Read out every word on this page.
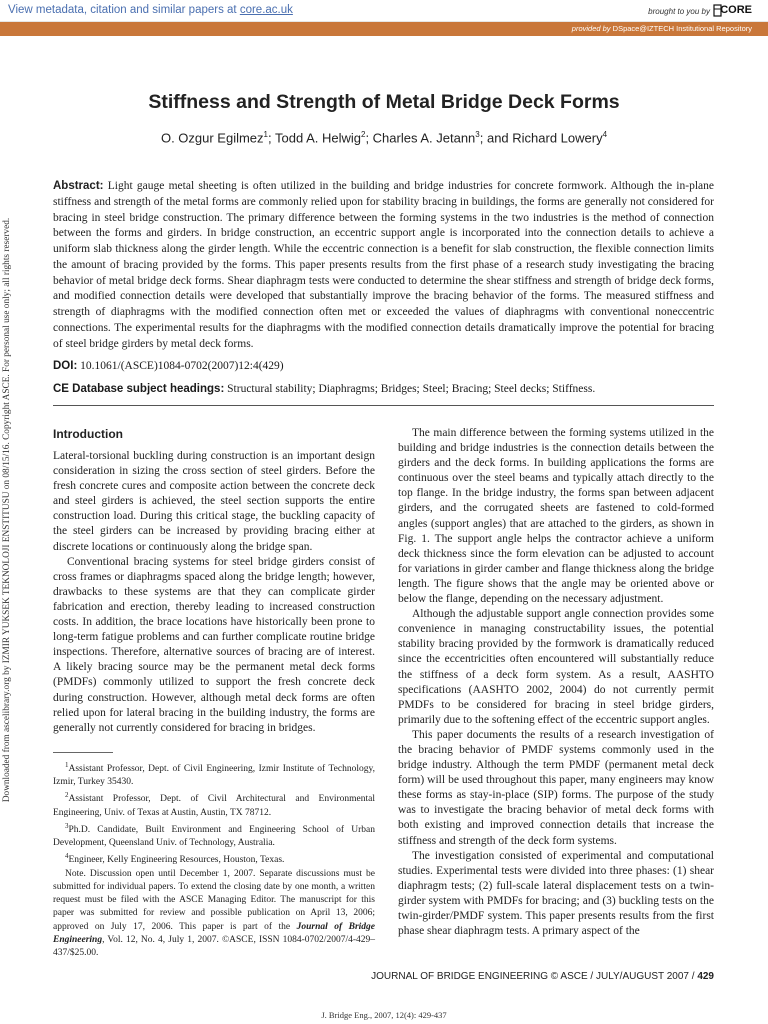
View metadata, citation and similar papers at core.ac.uk	brought to you by CORE
provided by DSpace@IZTECH Institutional Repository
Downloaded from ascelibrary.org by IZMIR YUKSEK TEKNOLOJI ENSTITUSU on 08/15/16. Copyright ASCE. For personal use only; all rights reserved.
Stiffness and Strength of Metal Bridge Deck Forms
O. Ozgur Egilmez$^1$; Todd A. Helwig$^2$; Charles A. Jetann$^3$; and Richard Lowery$^4$
Abstract: Light gauge metal sheeting is often utilized in the building and bridge industries for concrete formwork. Although the in-plane stiffness and strength of the metal forms are commonly relied upon for stability bracing in buildings, the forms are generally not considered for bracing in steel bridge construction. The primary difference between the forming systems in the two industries is the method of connection between the forms and girders. In bridge construction, an eccentric support angle is incorporated into the connection details to achieve a uniform slab thickness along the girder length. While the eccentric connection is a benefit for slab construction, the flexible connection limits the amount of bracing provided by the forms. This paper presents results from the first phase of a research study investigating the bracing behavior of metal bridge deck forms. Shear diaphragm tests were conducted to determine the shear stiffness and strength of bridge deck forms, and modified connection details were developed that substantially improve the bracing behavior of the forms. The measured stiffness and strength of diaphragms with the modified connection often met or exceeded the values of diaphragms with conventional noneccentric connections. The experimental results for the diaphragms with the modified connection details dramatically improve the potential for bracing of steel bridge girders by metal deck forms.
DOI: 10.1061/(ASCE)1084-0702(2007)12:4(429)
CE Database subject headings: Structural stability; Diaphragms; Bridges; Steel; Bracing; Steel decks; Stiffness.
Introduction

Lateral-torsional buckling during construction is an important design consideration in sizing the cross section of steel girders. Before the fresh concrete cures and composite action between the concrete deck and steel girders is achieved, the steel section supports the entire construction load. During this critical stage, the buckling capacity of the steel girders can be increased by providing bracing either at discrete locations or continuously along the bridge span.

Conventional bracing systems for steel bridge girders consist of cross frames or diaphragms spaced along the bridge length; however, drawbacks to these systems are that they can complicate girder fabrication and erection, thereby leading to increased construction costs. In addition, the brace locations have historically been prone to long-term fatigue problems and can further complicate routine bridge inspections. Therefore, alternative sources of bracing are of interest. A likely bracing source may be the permanent metal deck forms (PMDFs) commonly utilized to support the fresh concrete deck during construction. However, although metal deck forms are often relied upon for lateral bracing in the building industry, the forms are generally not currently considered for bracing in bridges.

$^1$Assistant Professor, Dept. of Civil Engineering, Izmir Institute of Technology, Izmir, Turkey 35430.

$^2$Assistant Professor, Dept. of Civil Architectural and Environmental Engineering, Univ. of Texas at Austin, Austin, TX 78712.

$^3$Ph.D. Candidate, Built Environment and Engineering School of Urban Development, Queensland Univ. of Technology, Australia.

$^4$Engineer, Kelly Engineering Resources, Houston, Texas.

Note. Discussion open until December 1, 2007. Separate discussions must be submitted for individual papers. To extend the closing date by one month, a written request must be filed with the ASCE Managing Editor. The manuscript for this paper was submitted for review and possible publication on April 13, 2006; approved on July 17, 2006. This paper is part of the Journal of Bridge Engineering, Vol. 12, No. 4, July 1, 2007. ©ASCE, ISSN 1084-0702/2007/4-429–437/$25.00.

The main difference between the forming systems utilized in the building and bridge industries is the connection details between the girders and the deck forms. In building applications the forms are continuous over the steel beams and typically attach directly to the top flange. In the bridge industry, the forms span between adjacent girders, and the corrugated sheets are fastened to cold-formed angles (support angles) that are attached to the girders, as shown in Fig. 1. The support angle helps the contractor achieve a uniform deck thickness since the form elevation can be adjusted to account for variations in girder camber and flange thickness along the bridge length. The figure shows that the angle may be oriented above or below the flange, depending on the necessary adjustment.

Although the adjustable support angle connection provides some convenience in managing constructability issues, the potential stability bracing provided by the formwork is dramatically reduced since the eccentricities often encountered will substantially reduce the stiffness of a deck form system. As a result, AASHTO specifications (AASHTO 2002, 2004) do not currently permit PMDFs to be considered for bracing in steel bridge girders, primarily due to the softening effect of the eccentric support angles.

This paper documents the results of a research investigation of the bracing behavior of PMDF systems commonly used in the bridge industry. Although the term PMDF (permanent metal deck form) will be used throughout this paper, many engineers may know these forms as stay-in-place (SIP) forms. The purpose of the study was to investigate the bracing behavior of metal deck forms with both existing and improved connection details that increase the stiffness and strength of the deck form systems.

The investigation consisted of experimental and computational studies. Experimental tests were divided into three phases: (1) shear diaphragm tests; (2) full-scale lateral displacement tests on a twin-girder system with PMDFs for bracing; and (3) buckling tests on the twin-girder/PMDF system. This paper presents results from the first phase shear diaphragm tests. A primary aspect of the

JOURNAL OF BRIDGE ENGINEERING © ASCE / JULY/AUGUST 2007 / 429
J. Bridge Eng., 2007, 12(4): 429-437
